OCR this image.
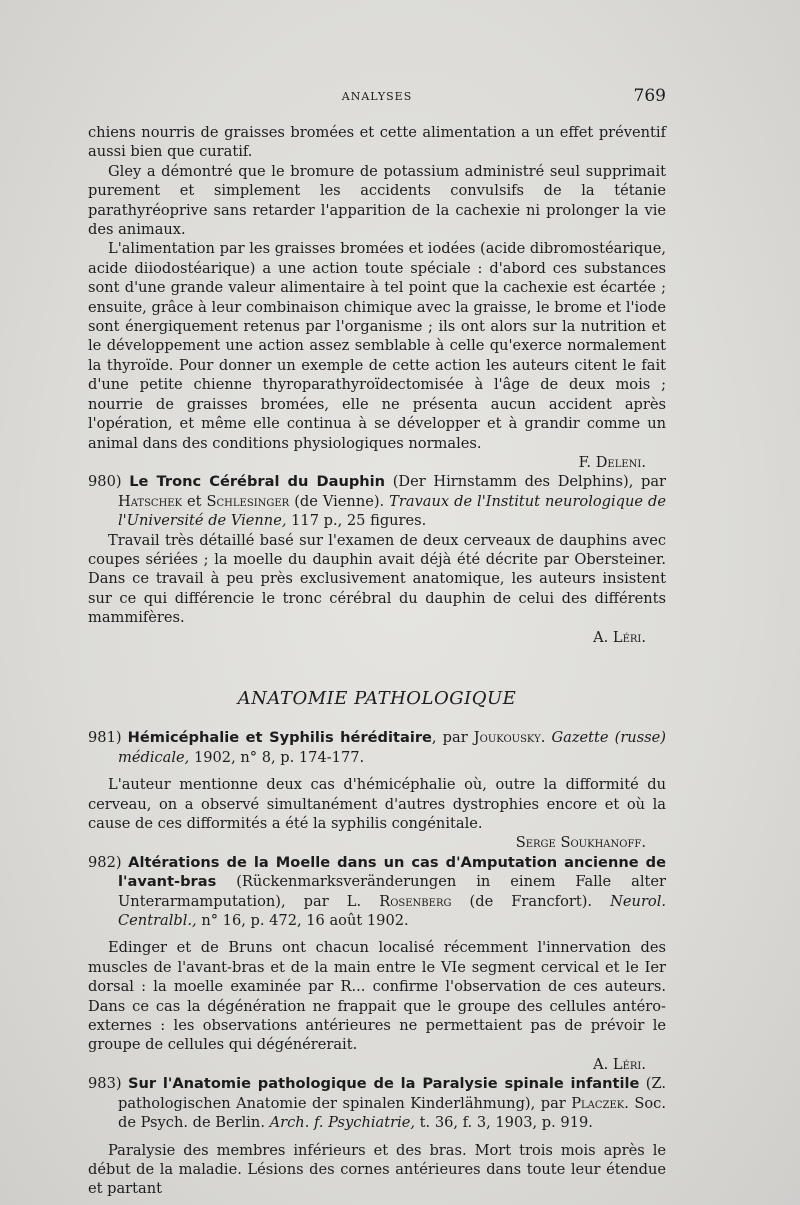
ANALYSES	769

chiens nourris de graisses bromées et cette alimentation a un effet préventif aussi bien que curatif.

Gley a démontré que le bromure de potassium administré seul supprimait purement et simplement les accidents convulsifs de la tétanie parathyréoprive sans retarder l'apparition de la cachexie ni prolonger la vie des animaux.

L'alimentation par les graisses bromées et iodées (acide dibromostéarique, acide diiodostéarique) a une action toute spéciale : d'abord ces substances sont d'une grande valeur alimentaire à tel point que la cachexie est écartée ; ensuite, grâce à leur combinaison chimique avec la graisse, le brome et l'iode sont énergiquement retenus par l'organisme ; ils ont alors sur la nutrition et le développement une action assez semblable à celle qu'exerce normalement la thyroïde. Pour donner un exemple de cette action les auteurs citent le fait d'une petite chienne thyroparathyroïdectomisée à l'âge de deux mois ; nourrie de graisses bromées, elle ne présenta aucun accident après l'opération, et même elle continua à se développer et à grandir comme un animal dans des conditions physiologiques normales.

F. Deleni.

980) Le Tronc Cérébral du Dauphin (Der Hirnstamm des Delphins), par Hatschek et Schlesinger (de Vienne). Travaux de l'Institut neurologique de l'Université de Vienne, 117 p., 25 figures.

Travail très détaillé basé sur l'examen de deux cerveaux de dauphins avec coupes sériées ; la moelle du dauphin avait déjà été décrite par Obersteiner. Dans ce travail à peu près exclusivement anatomique, les auteurs insistent sur ce qui différencie le tronc cérébral du dauphin de celui des différents mammifères.

A. Léri.

ANATOMIE PATHOLOGIQUE

981) Hémicéphalie et Syphilis héréditaire, par Joukousky. Gazette (russe) médicale, 1902, n° 8, p. 174-177.

L'auteur mentionne deux cas d'hémicéphalie où, outre la difformité du cerveau, on a observé simultanément d'autres dystrophies encore et où la cause de ces difformités a été la syphilis congénitale.

Serge Soukhanoff.

982) Altérations de la Moelle dans un cas d'Amputation ancienne de l'avant-bras (Rückenmarksveränderungen in einem Falle alter Unterarmamputation), par L. Rosenberg (de Francfort). Neurol. Centralbl., n° 16, p. 472, 16 août 1902.

Edinger et de Bruns ont chacun localisé récemment l'innervation des muscles de l'avant-bras et de la main entre le VIe segment cervical et le Ier dorsal : la moelle examinée par R... confirme l'observation de ces auteurs. Dans ce cas la dégénération ne frappait que le groupe des cellules antéro-externes : les observations antérieures ne permettaient pas de prévoir le groupe de cellules qui dégénérerait.

A. Léri.

983) Sur l'Anatomie pathologique de la Paralysie spinale infantile (Z. pathologischen Anatomie der spinalen Kinderlähmung), par Placzek. Soc. de Psych. de Berlin. Arch. f. Psychiatrie, t. 36, f. 3, 1903, p. 919.

Paralysie des membres inférieurs et des bras. Mort trois mois après le début de la maladie. Lésions des cornes antérieures dans toute leur étendue et partant
